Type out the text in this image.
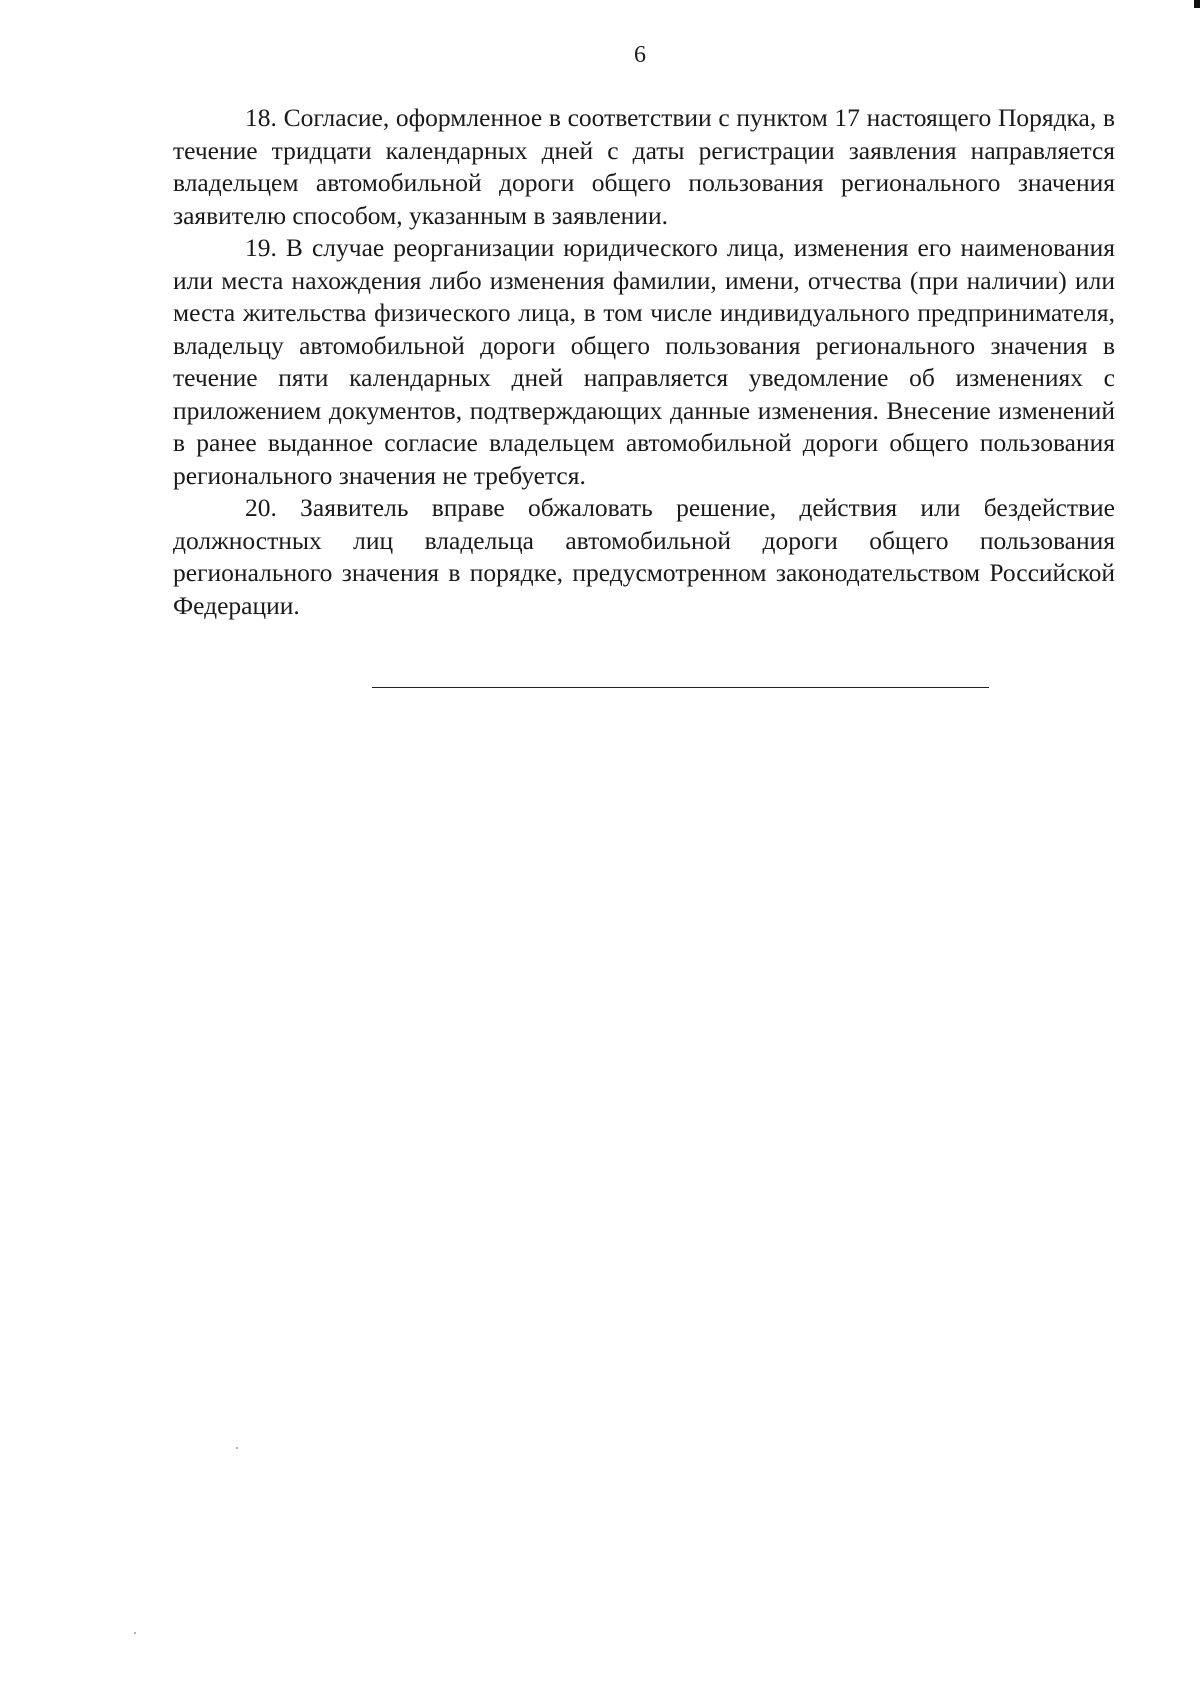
6

18. Согласие, оформленное в соответствии с пунктом 17 настоящего Порядка, в течение тридцати календарных дней с даты регистрации заявления направляется владельцем автомобильной дороги общего пользования регионального значения заявителю способом, указанным в заявлении.

19. В случае реорганизации юридического лица, изменения его наименования или места нахождения либо изменения фамилии, имени, отчества (при наличии) или места жительства физического лица, в том числе индивидуального предпринимателя, владельцу автомобильной дороги общего пользования регионального значения в течение пяти календарных дней направляется уведомление об изменениях с приложением документов, подтверждающих данные изменения. Внесение изменений в ранее выданное согласие владельцем автомобильной дороги общего пользования регионального значения не требуется.

20. Заявитель вправе обжаловать решение, действия или бездействие должностных лиц владельца автомобильной дороги общего пользования регионального значения в порядке, предусмотренном законодательством Российской Федерации.
